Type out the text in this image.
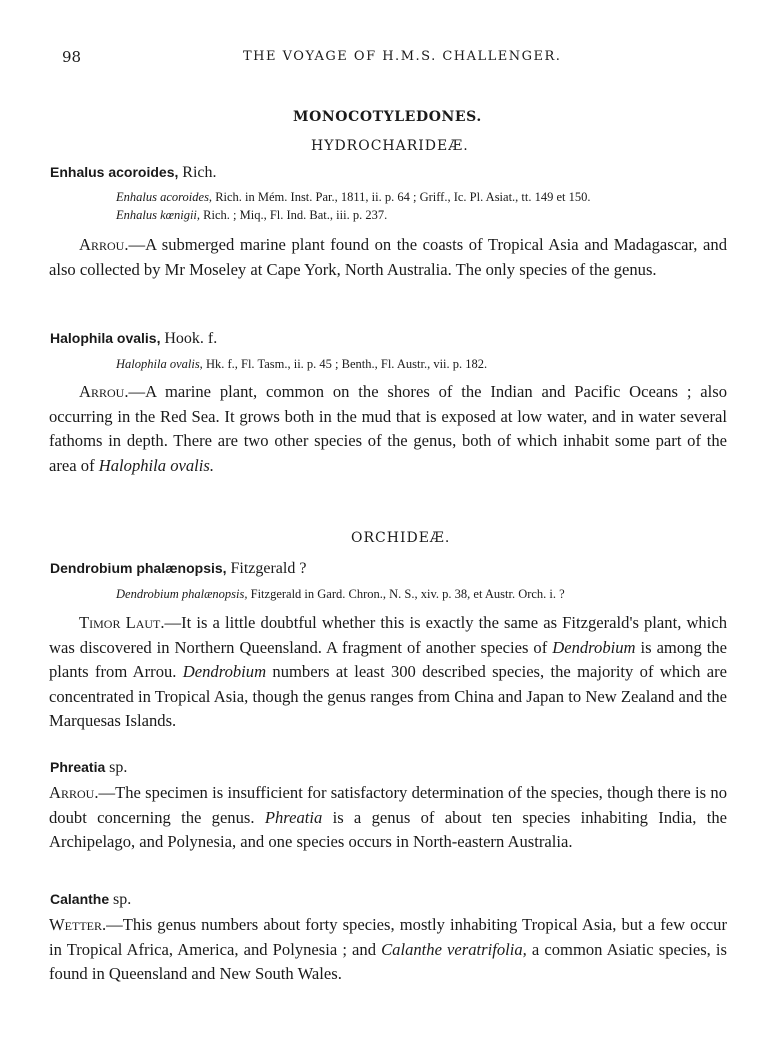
98	THE VOYAGE OF H.M.S. CHALLENGER.
MONOCOTYLEDONES.
HYDROCHARIDEÆ.
Enhalus acoroides, Rich.
Enhalus acoroides, Rich. in Mém. Inst. Par., 1811, ii. p. 64 ; Griff., Ic. Pl. Asiat., tt. 149 et 150.
Enhalus kœnigii, Rich. ; Miq., Fl. Ind. Bat., iii. p. 237.
Arrou.—A submerged marine plant found on the coasts of Tropical Asia and Madagascar, and also collected by Mr Moseley at Cape York, North Australia. The only species of the genus.
Halophila ovalis, Hook. f.
Halophila ovalis, Hk. f., Fl. Tasm., ii. p. 45 ; Benth., Fl. Austr., vii. p. 182.
Arrou.—A marine plant, common on the shores of the Indian and Pacific Oceans ; also occurring in the Red Sea. It grows both in the mud that is exposed at low water, and in water several fathoms in depth. There are two other species of the genus, both of which inhabit some part of the area of Halophila ovalis.
ORCHIDEÆ.
Dendrobium phalænopsis, Fitzgerald ?
Dendrobium phalænopsis, Fitzgerald in Gard. Chron., N. S., xiv. p. 38, et Austr. Orch. i. ?
Timor Laut.—It is a little doubtful whether this is exactly the same as Fitzgerald's plant, which was discovered in Northern Queensland. A fragment of another species of Dendrobium is among the plants from Arrou. Dendrobium numbers at least 300 described species, the majority of which are concentrated in Tropical Asia, though the genus ranges from China and Japan to New Zealand and the Marquesas Islands.
Phreatia sp.
Arrou.—The specimen is insufficient for satisfactory determination of the species, though there is no doubt concerning the genus. Phreatia is a genus of about ten species inhabiting India, the Archipelago, and Polynesia, and one species occurs in North-eastern Australia.
Calanthe sp.
Wetter.—This genus numbers about forty species, mostly inhabiting Tropical Asia, but a few occur in Tropical Africa, America, and Polynesia ; and Calanthe veratrifolia, a common Asiatic species, is found in Queensland and New South Wales.
